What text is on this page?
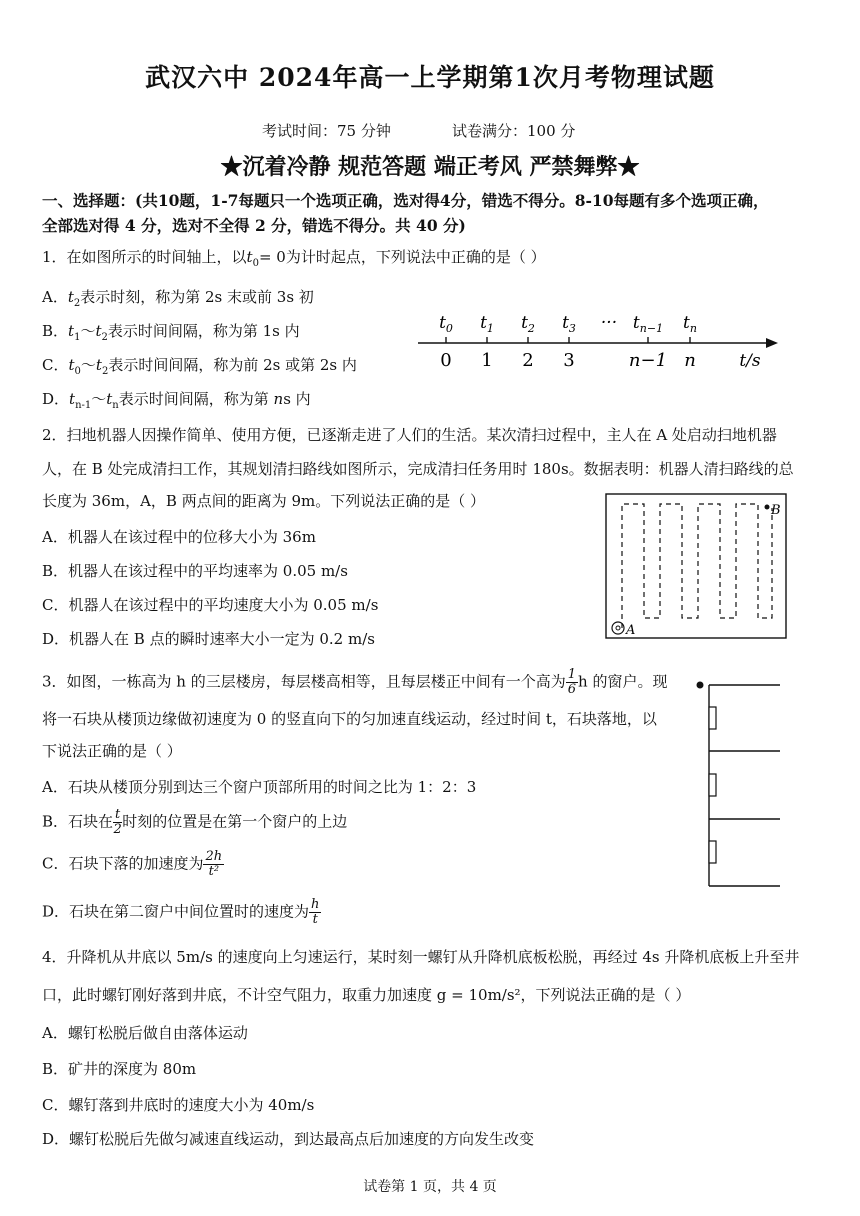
武汉六中 2024年高一上学期第1次月考物理试题
考试时间：75 分钟	试卷满分：100 分
★沉着冷静 规范答题 端正考风 严禁舞弊★
一、选择题：(共10题，1-7每题只一个选项正确，选对得4分，错选不得分。8-10每题有多个选项正确，
全部选对得 4 分，选对不全得 2 分，错选不得分。共 40 分)
1．在如图所示的时间轴上，以$t_0= 0$为计时起点，下列说法中正确的是（ ）
A．$t_2$表示时刻，称为第 2s 末或前 3s 初
B．$t_1\sim t_2$表示时间间隔，称为第 1s 内
C．$t_0\sim t_2$表示时间间隔，称为前 2s 或第 2s 内
D．$t_{n-1}\sim t_n$表示时间间隔，称为第 ns 内
$t_0$ $t_1$ $t_2$ $t_3$ ··· $t_{n-1}$ $t_n$
0 1 2 3	n−1 n	t/s
2．扫地机器人因操作简单、使用方便，已逐渐走进了人们的生活。某次清扫过程中，主人在 A 处启动扫地机器
人，在 B 处完成清扫工作，其规划清扫路线如图所示，完成清扫任务用时 180s。数据表明：机器人清扫路线的总
长度为 36m，A，B 两点间的距离为 9m。下列说法正确的是（ ）
A．机器人在该过程中的位移大小为 36m
B．机器人在该过程中的平均速率为 0.05 m/s
C．机器人在该过程中的平均速度大小为 0.05 m/s
D．机器人在 B 点的瞬时速率大小一定为 0.2 m/s
B
A
3．如图，一栋高为 h 的三层楼房，每层楼高相等，且每层楼正中间有一个高为 $\frac{1}{6}$ h 的窗户。现
将一石块从楼顶边缘做初速度为 0 的竖直向下的匀加速直线运动，经过时间 t，石块落地，以
下说法正确的是（ ）
A．石块从楼顶分别到达三个窗户顶部所用的时间之比为 1：2：3
B．石块在 $\frac{t}{2}$ 时刻的位置是在第一个窗户的上边
C．石块下落的加速度为 $\frac{2h}{\text{t²}}$
D．石块在第二窗户中间位置时的速度为 $\frac{h}{t}$
4．升降机从井底以 5m/s 的速度向上匀速运行，某时刻一螺钉从升降机底板松脱，再经过 4s 升降机底板上升至井
口，此时螺钉刚好落到井底，不计空气阻力，取重力加速度 g = 10m/s²，下列说法正确的是（ ）
A．螺钉松脱后做自由落体运动
B．矿井的深度为 80m
C．螺钉落到井底时的速度大小为 40m/s
D．螺钉松脱后先做匀减速直线运动，到达最高点后加速度的方向发生改变
试卷第 1 页，共 4 页
